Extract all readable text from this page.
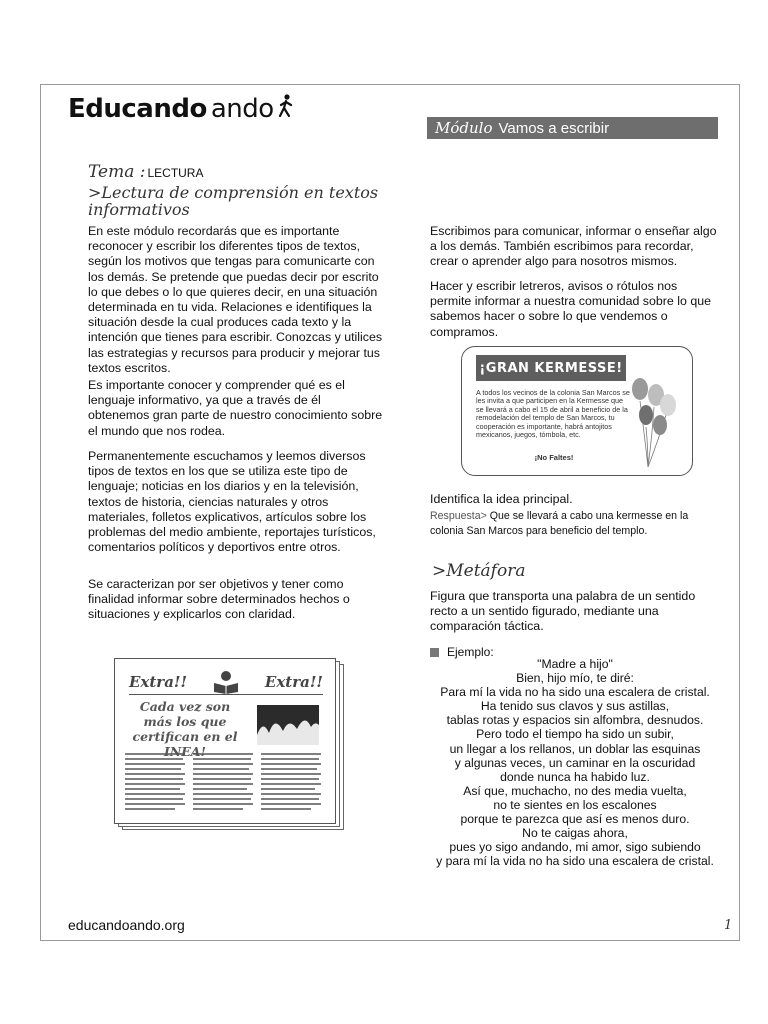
Educando ando
Módulo Vamos a escribir
Tema : LECTURA
>Lectura de comprensión en textos informativos

En este módulo recordarás que es importante reconocer y escribir los diferentes tipos de textos, según los motivos que tengas para comunicarte con los demás. Se pretende que puedas decir por escrito lo que debes o lo que quieres decir, en una situación determinada en tu vida. Relaciones e identifiques la situación desde la cual produces cada texto y la intención que tienes para escribir. Conozcas y utilices las estrategias y recursos para producir y mejorar tus textos escritos.

Es importante conocer y comprender qué es el lenguaje informativo, ya que a través de él obtenemos gran parte de nuestro conocimiento sobre el mundo que nos rodea.

Permanentemente escuchamos y leemos diversos tipos de textos en los que se utiliza este tipo de lenguaje; noticias en los diarios y en la televisión, textos de historia, ciencias naturales y otros materiales, folletos explicativos, artículos sobre los problemas del medio ambiente, reportajes turísticos, comentarios políticos y deportivos entre otros.

Se caracterizan por ser objetivos y tener como finalidad informar sobre determinados hechos o situaciones y explicarlos con claridad.

Extra!!	Extra!!
Cada vez son más los que certifican en el INEA!

Escribimos para comunicar, informar o enseñar algo a los demás. También escribimos para recordar, crear o aprender algo para nosotros mismos.

Hacer y escribir letreros, avisos o rótulos nos permite informar a nuestra comunidad sobre lo que sabemos hacer o sobre lo que vendemos o compramos.

¡GRAN KERMESSE!
A todos los vecinos de la colonia San Marcos se les invita a que participen en la Kermesse que se llevará a cabo el 15 de abril a beneficio de la remodelación del templo de San Marcos, tu cooperación es importante, habrá antojitos mexicanos, juegos, tómbola, etc.
¡No Faltes!
Identifica la idea principal.
Respuesta> Que se llevará a cabo una kermesse en la colonia San Marcos para beneficio del templo.
>Metáfora

Figura que transporta una palabra de un sentido recto a un sentido figurado, mediante una comparación táctica.

Ejemplo:
"Madre a hijo"
Bien, hijo mío, te diré:
Para mí la vida no ha sido una escalera de cristal.
Ha tenido sus clavos y sus astillas,
tablas rotas y espacios sin alfombra, desnudos.
Pero todo el tiempo ha sido un subir,
un llegar a los rellanos, un doblar las esquinas
y algunas veces, un caminar en la oscuridad
donde nunca ha habido luz.
Así que, muchacho, no des media vuelta,
no te sientes en los escalones
porque te parezca que así es menos duro.
No te caigas ahora,
pues yo sigo andando, mi amor, sigo subiendo
y para mí la vida no ha sido una escalera de cristal.
educandoando.org	1
